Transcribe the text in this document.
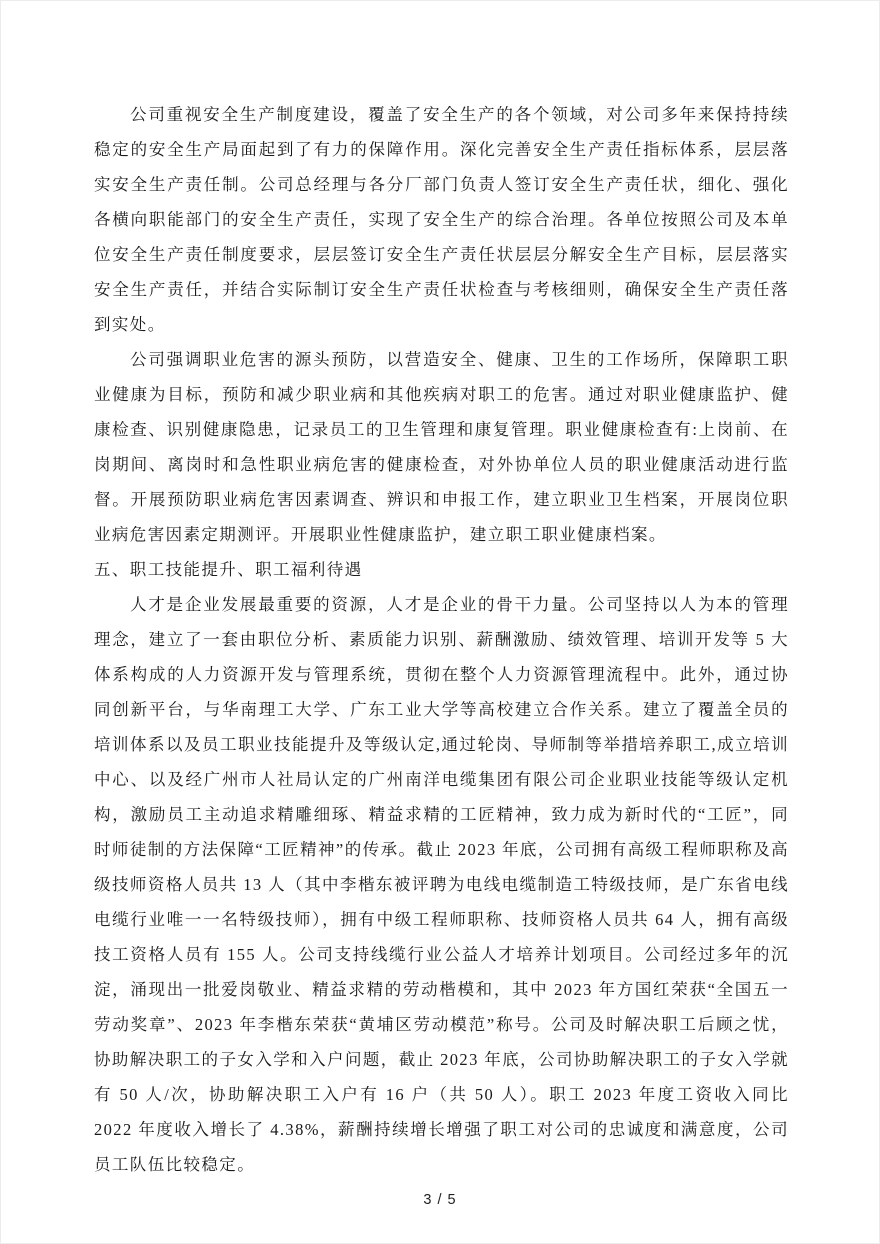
公司重视安全生产制度建设，覆盖了安全生产的各个领域，对公司多年来保持持续稳定的安全生产局面起到了有力的保障作用。深化完善安全生产责任指标体系，层层落实安全生产责任制。公司总经理与各分厂部门负责人签订安全生产责任状，细化、强化各横向职能部门的安全生产责任，实现了安全生产的综合治理。各单位按照公司及本单位安全生产责任制度要求，层层签订安全生产责任状层层分解安全生产目标，层层落实安全生产责任，并结合实际制订安全生产责任状检查与考核细则，确保安全生产责任落到实处。

公司强调职业危害的源头预防，以营造安全、健康、卫生的工作场所，保障职工职业健康为目标，预防和减少职业病和其他疾病对职工的危害。通过对职业健康监护、健康检查、识别健康隐患，记录员工的卫生管理和康复管理。职业健康检查有:上岗前、在岗期间、离岗时和急性职业病危害的健康检查，对外协单位人员的职业健康活动进行监督。开展预防职业病危害因素调查、辨识和申报工作，建立职业卫生档案，开展岗位职业病危害因素定期测评。开展职业性健康监护，建立职工职业健康档案。

五、职工技能提升、职工福利待遇

人才是企业发展最重要的资源，人才是企业的骨干力量。公司坚持以人为本的管理理念，建立了一套由职位分析、素质能力识别、薪酬激励、绩效管理、培训开发等 5 大体系构成的人力资源开发与管理系统，贯彻在整个人力资源管理流程中。此外，通过协同创新平台，与华南理工大学、广东工业大学等高校建立合作关系。建立了覆盖全员的培训体系以及员工职业技能提升及等级认定,通过轮岗、导师制等举措培养职工,成立培训中心、以及经广州市人社局认定的广州南洋电缆集团有限公司企业职业技能等级认定机构，激励员工主动追求精雕细琢、精益求精的工匠精神，致力成为新时代的“工匠”，同时师徒制的方法保障“工匠精神”的传承。截止 2023 年底，公司拥有高级工程师职称及高级技师资格人员共 13 人（其中李楷东被评聘为电线电缆制造工特级技师，是广东省电线电缆行业唯一一名特级技师），拥有中级工程师职称、技师资格人员共 64 人，拥有高级技工资格人员有 155 人。公司支持线缆行业公益人才培养计划项目。公司经过多年的沉淀，涌现出一批爱岗敬业、精益求精的劳动楷模和，其中 2023 年方国红荣获“全国五一劳动奖章”、2023 年李楷东荣获“黄埔区劳动模范”称号。公司及时解决职工后顾之忧，协助解决职工的子女入学和入户问题，截止 2023 年底，公司协助解决职工的子女入学就有 50 人/次，协助解决职工入户有 16 户（共 50 人）。职工 2023 年度工资收入同比 2022 年度收入增长了 4.38%，薪酬持续增长增强了职工对公司的忠诚度和满意度，公司员工队伍比较稳定。

3 / 5
